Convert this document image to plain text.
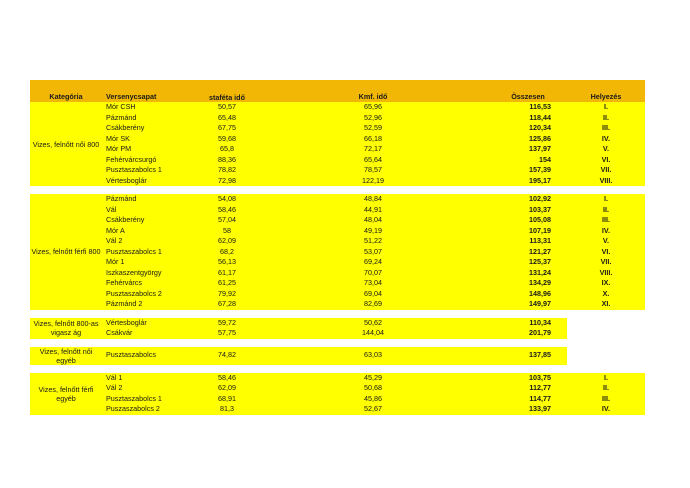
Kategória	Versenycsapat	staféta idő	Kmf. idő	Összesen	Helyezés
Vizes, felnőtt női 800	Mór CSH	50,57	65,96	116,53	I.
	Pázmánd	65,48	52,96	118,44	II.
	Csákberény	67,75	52,59	120,34	III.
	Mór SK	59,68	66,18	125,86	IV.
	Mór PM	65,8	72,17	137,97	V.
	Fehérvárcsurgó	88,36	65,64	154	VI.
	Pusztaszabolcs 1	78,82	78,57	157,39	VII.
	Vértesboglár	72,98	122,19	195,17	VIII.

Vizes, felnőtt férfi 800	Pázmánd	54,08	48,84	102,92	I.
	Vál	58,46	44,91	103,37	II.
	Csákberény	57,04	48,04	105,08	III.
	Mór A	58	49,19	107,19	IV.
	Vál 2	62,09	51,22	113,31	V.
	Pusztaszabolcs 1	68,2	53,07	121,27	VI.
	Mór 1	56,13	69,24	125,37	VII.
	Iszkaszentgyörgy	61,17	70,07	131,24	VIII.
	Fehérvárcs	61,25	73,04	134,29	IX.
	Pusztaszabolcs 2	79,92	69,04	148,96	X.
	Pázmánd 2	67,28	82,69	149,97	XI.

Vizes, felnőtt 800-as vigasz ág	Vértesboglár	59,72	50,62	110,34	
	Csákvár	57,75	144,04	201,79	

Vizes, felnőtt női egyéb	Pusztaszabolcs	74,82	63,03	137,85	

Vizes, felnőtt férfi egyéb	Vál 1	58,46	45,29	103,75	I.
	Vál 2	62,09	50,68	112,77	II.
	Pusztaszabolcs 1	68,91	45,86	114,77	III.
	Puszaszabolcs 2	81,3	52,67	133,97	IV.
